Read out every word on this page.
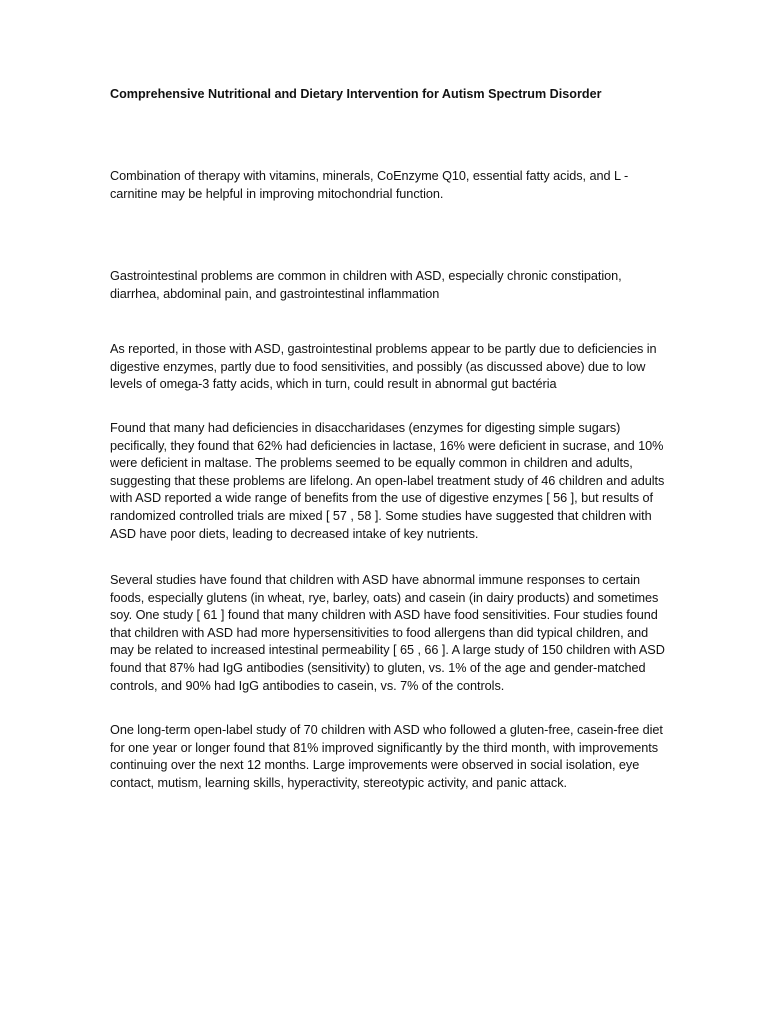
Comprehensive Nutritional and Dietary Intervention for Autism Spectrum Disorder

Combination of therapy with vitamins, minerals, CoEnzyme Q10, essential fatty acids, and L - carnitine may be helpful in improving mitochondrial function.

Gastrointestinal problems are common in children with ASD, especially chronic constipation, diarrhea, abdominal pain, and gastrointestinal inflammation

As reported, in those with ASD, gastrointestinal problems appear to be partly due to deficiencies in digestive enzymes, partly due to food sensitivities, and possibly (as discussed above) due to low levels of omega-3 fatty acids, which in turn, could result in abnormal gut bactéria

Found that many had deficiencies in disaccharidases (enzymes for digesting simple sugars) pecifically, they found that 62% had deficiencies in lactase, 16% were deficient in sucrase, and 10% were deficient in maltase. The problems seemed to be equally common in children and adults, suggesting that these problems are lifelong. An open-label treatment study of 46 children and adults with ASD reported a wide range of benefits from the use of digestive enzymes [ 56 ], but results of randomized controlled trials are mixed [ 57 , 58 ]. Some studies have suggested that children with ASD have poor diets, leading to decreased intake of key nutrients.

Several studies have found that children with ASD have abnormal immune responses to certain foods, especially glutens (in wheat, rye, barley, oats) and casein (in dairy products) and sometimes soy. One study [ 61 ] found that many children with ASD have food sensitivities. Four studies found that children with ASD had more hypersensitivities to food allergens than did typical children, and may be related to increased intestinal permeability [ 65 , 66 ]. A large study of 150 children with ASD found that 87% had IgG antibodies (sensitivity) to gluten, vs. 1% of the age and gender-matched controls, and 90% had IgG antibodies to casein, vs. 7% of the controls.

One long-term open-label study of 70 children with ASD who followed a gluten-free, casein-free diet for one year or longer found that 81% improved significantly by the third month, with improvements continuing over the next 12 months. Large improvements were observed in social isolation, eye contact, mutism, learning skills, hyperactivity, stereotypic activity, and panic attack.
